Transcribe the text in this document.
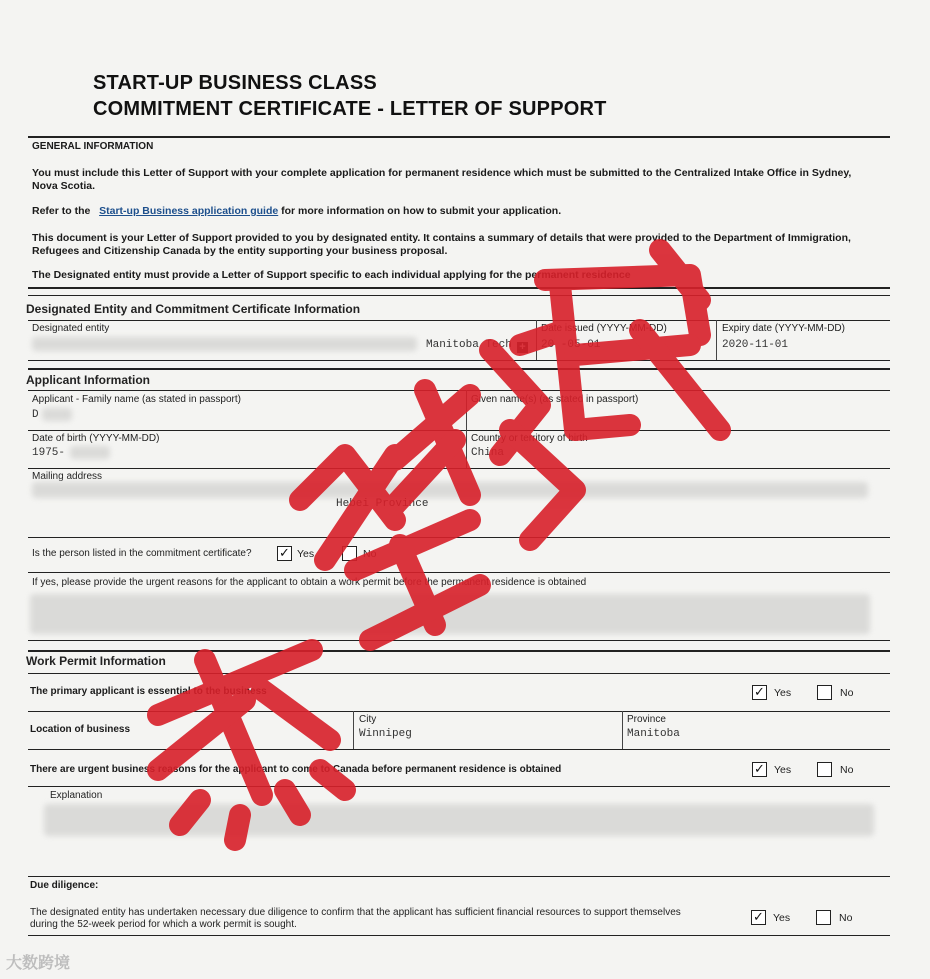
START-UP BUSINESS CLASS
COMMITMENT CERTIFICATE - LETTER OF SUPPORT
GENERAL INFORMATION
You must include this Letter of Support with your complete application for permanent residence which must be submitted to the Centralized Intake Office in Sydney,
Nova Scotia.
Refer to the Start-up Business application guide for more information on how to submit your application.
This document is your Letter of Support provided to you by designated entity. It contains a summary of details that were provided to the Department of Immigration,
Refugees and Citizenship Canada by the entity supporting your business proposal.
The Designated entity must provide a Letter of Support specific to each individual applying for the permanent residence
Designated Entity and Commitment Certificate Information
Designated entity
Manitoba Tech +
Date issued (YYYY-MM-DD)
20 -05-01
Expiry date (YYYY-MM-DD)
2020-11-01
Applicant Information
Applicant - Family name (as stated in passport)
D
Given name(s) (as stated in passport)
Date of birth (YYYY-MM-DD)
1975-
Country or territory of birth
China
Mailing address
Hebei Province
Is the person listed in the commitment certificate? ✓ Yes	No
If yes, please provide the urgent reasons for the applicant to obtain a work permit before the permanent residence is obtained
Work Permit Information
The primary applicant is essential to the business	✓ Yes	No
Location of business
City
Winnipeg
Province
Manitoba
There are urgent business reasons for the applicant to come to Canada before permanent residence is obtained	✓ Yes	No
Explanation
Due diligence:
The designated entity has undertaken necessary due diligence to confirm that the applicant has sufficient financial resources to support themselves
during the 52-week period for which a work permit is sought.	✓ Yes	No
大数跨境
